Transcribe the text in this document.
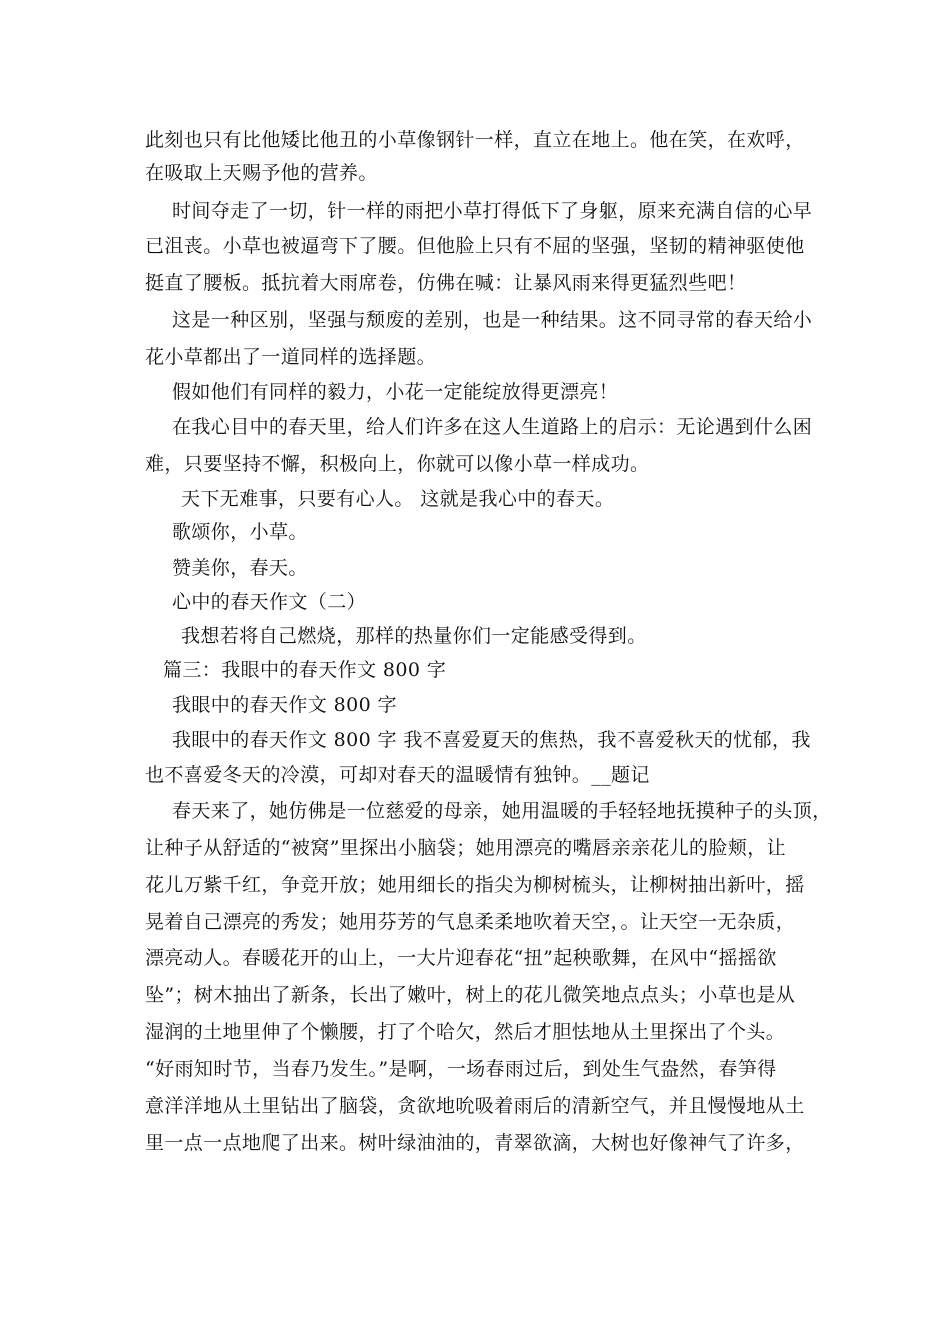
此刻也只有比他矮比他丑的小草像钢针一样，直立在地上。他在笑，在欢呼，
在吸取上天赐予他的营养。
时间夺走了一切，针一样的雨把小草打得低下了身躯，原来充满自信的心早
已沮丧。小草也被逼弯下了腰。但他脸上只有不屈的坚强，坚韧的精神驱使他
挺直了腰板。抵抗着大雨席卷，仿佛在喊：让暴风雨来得更猛烈些吧！
这是一种区别，坚强与颓废的差别，也是一种结果。这不同寻常的春天给小
花小草都出了一道同样的选择题。
假如他们有同样的毅力，小花一定能绽放得更漂亮！
在我心目中的春天里，给人们许多在这人生道路上的启示：无论遇到什么困
难，只要坚持不懈，积极向上，你就可以像小草一样成功。
天下无难事，只要有心人。 这就是我心中的春天。
歌颂你，小草。
赞美你，春天。
心中的春天作文（二）
我想若将自己燃烧，那样的热量你们一定能感受得到。
篇三：我眼中的春天作文 800 字
我眼中的春天作文 800 字
我眼中的春天作文 800 字 我不喜爱夏天的焦热，我不喜爱秋天的忧郁，我
也不喜爱冬天的冷漠，可却对春天的温暖情有独钟。__题记
春天来了，她仿佛是一位慈爱的母亲，她用温暖的手轻轻地抚摸种子的头顶，
让种子从舒适的“被窝”里探出小脑袋；她用漂亮的嘴唇亲亲花儿的脸颊，让
花儿万紫千红，争竞开放；她用细长的指尖为柳树梳头，让柳树抽出新叶，摇
晃着自己漂亮的秀发；她用芬芳的气息柔柔地吹着天空，。让天空一无杂质，
漂亮动人。春暖花开的山上，一大片迎春花“扭”起秧歌舞，在风中“摇摇欲
坠”；树木抽出了新条，长出了嫩叶，树上的花儿微笑地点点头；小草也是从
湿润的土地里伸了个懒腰，打了个哈欠，然后才胆怯地从土里探出了个头。
“好雨知时节，当春乃发生。”是啊，一场春雨过后，到处生气盎然，春笋得
意洋洋地从土里钻出了脑袋，贪欲地吮吸着雨后的清新空气，并且慢慢地从土
里一点一点地爬了出来。树叶绿油油的，青翠欲滴，大树也好像神气了许多，
